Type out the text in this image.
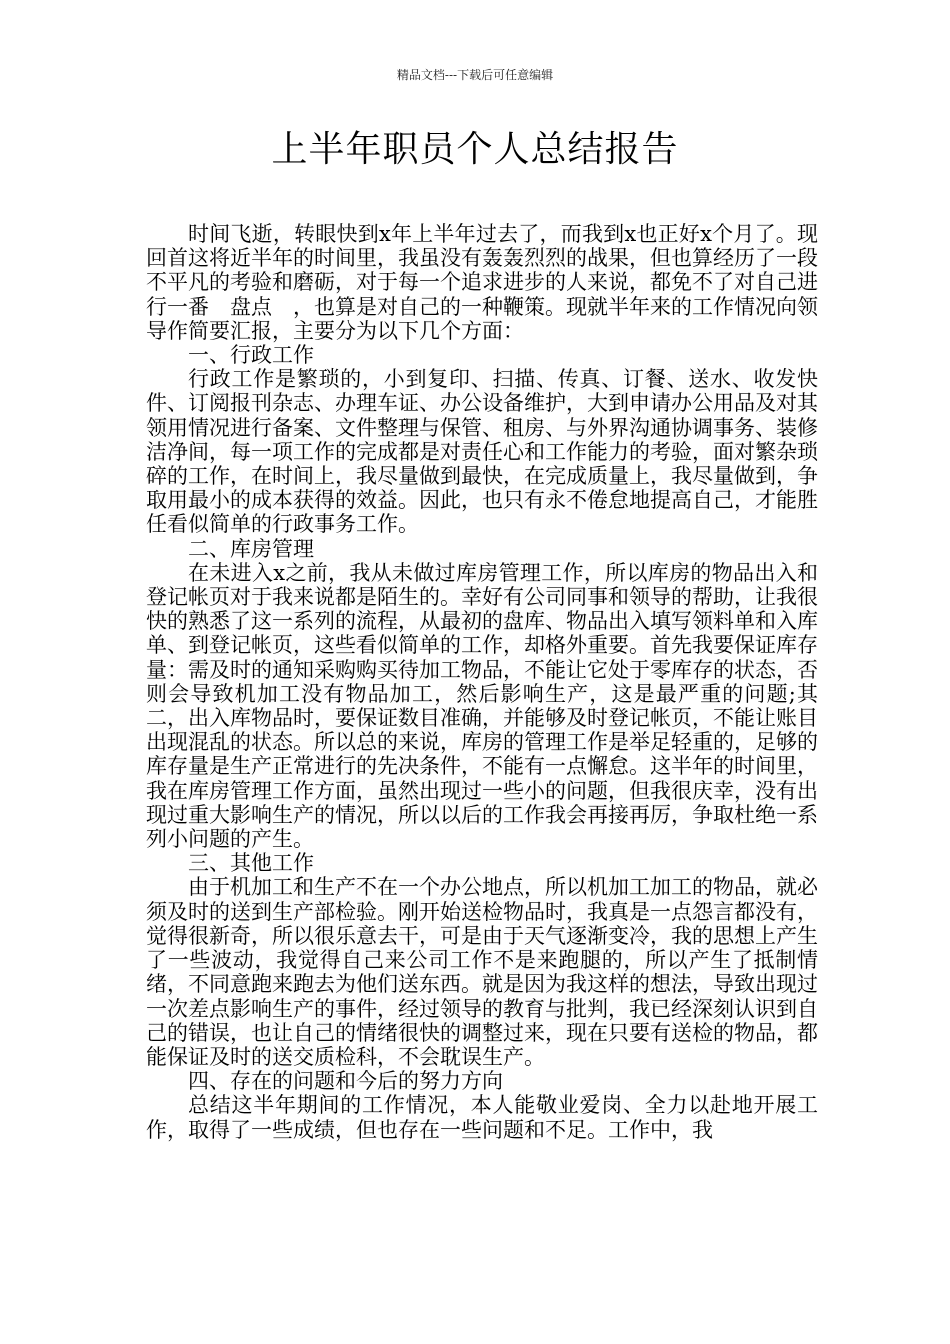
精品文档---下载后可任意编辑
上半年职员个人总结报告

时间飞逝，转眼快到x年上半年过去了，而我到x也正好x个月了。现回首这将近半年的时间里，我虽没有轰轰烈烈的战果，但也算经历了一段不平凡的考验和磨砺，对于每一个追求进步的人来说，都免不了对自己进行一番　盘点　，也算是对自己的一种鞭策。现就半年来的工作情况向领导作简要汇报，主要分为以下几个方面：

一、行政工作

行政工作是繁琐的，小到复印、扫描、传真、订餐、送水、收发快件、订阅报刊杂志、办理车证、办公设备维护，大到申请办公用品及对其领用情况进行备案、文件整理与保管、租房、与外界沟通协调事务、装修洁净间，每一项工作的完成都是对责任心和工作能力的考验，面对繁杂琐碎的工作，在时间上，我尽量做到最快，在完成质量上，我尽量做到，争取用最小的成本获得的效益。因此，也只有永不倦怠地提高自己，才能胜任看似简单的行政事务工作。

二、库房管理

在未进入x之前，我从未做过库房管理工作，所以库房的物品出入和登记帐页对于我来说都是陌生的。幸好有公司同事和领导的帮助，让我很快的熟悉了这一系列的流程，从最初的盘库、物品出入填写领料单和入库单、到登记帐页，这些看似简单的工作，却格外重要。首先我要保证库存量：需及时的通知采购购买待加工物品，不能让它处于零库存的状态，否则会导致机加工没有物品加工，然后影响生产，这是最严重的问题;其二，出入库物品时，要保证数目准确，并能够及时登记帐页，不能让账目出现混乱的状态。所以总的来说，库房的管理工作是举足轻重的，足够的库存量是生产正常进行的先决条件，不能有一点懈怠。这半年的时间里，我在库房管理工作方面，虽然出现过一些小的问题，但我很庆幸，没有出现过重大影响生产的情况，所以以后的工作我会再接再厉，争取杜绝一系列小问题的产生。

三、其他工作

由于机加工和生产不在一个办公地点，所以机加工加工的物品，就必须及时的送到生产部检验。刚开始送检物品时，我真是一点怨言都没有，觉得很新奇，所以很乐意去干，可是由于天气逐渐变冷，我的思想上产生了一些波动，我觉得自己来公司工作不是来跑腿的，所以产生了抵制情绪，不同意跑来跑去为他们送东西。就是因为我这样的想法，导致出现过一次差点影响生产的事件，经过领导的教育与批判，我已经深刻认识到自己的错误，也让自己的情绪很快的调整过来，现在只要有送检的物品，都能保证及时的送交质检科，不会耽误生产。

四、存在的问题和今后的努力方向

总结这半年期间的工作情况，本人能敬业爱岗、全力以赴地开展工作，取得了一些成绩，但也存在一些问题和不足。工作中，我
